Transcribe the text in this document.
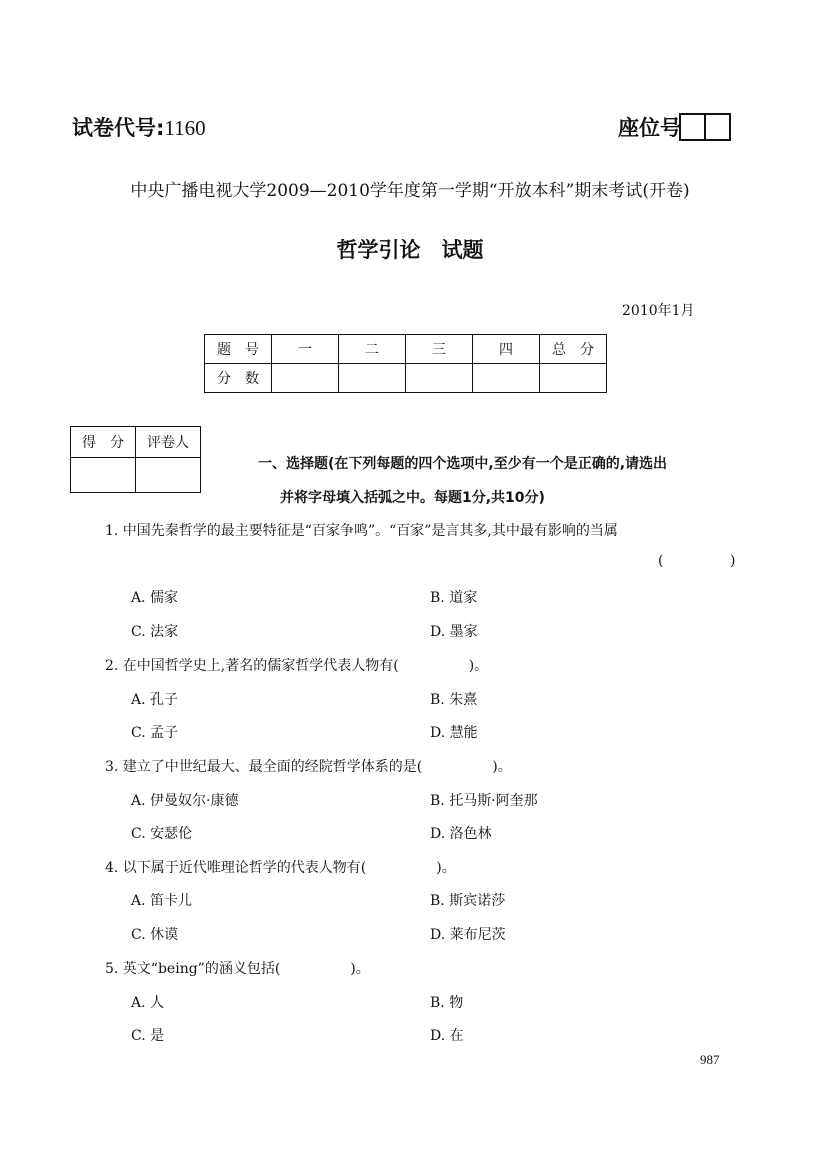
试卷代号:1160	座位号
中央广播电视大学2009—2010学年度第一学期“开放本科”期末考试(开卷)
哲学引论　试题
2010年1月
题　号	一	二	三	四	总　分
分　数					
得　分	评卷人

一、选择题(在下列每题的四个选项中,至少有一个是正确的,请选出
并将字母填入括弧之中。每题1分,共10分)
1. 中国先秦哲学的最主要特征是“百家争鸣”。“百家”是言其多,其中最有影响的当属
(	)
A. 儒家	B. 道家
C. 法家	D. 墨家
2. 在中国哲学史上,著名的儒家哲学代表人物有(　　　　　)。
A. 孔子	B. 朱熹
C. 孟子	D. 慧能
3. 建立了中世纪最大、最全面的经院哲学体系的是(　　　　　)。
A. 伊曼奴尔·康德	B. 托马斯·阿奎那
C. 安瑟伦	D. 洛色林
4. 以下属于近代唯理论哲学的代表人物有(　　　　　)。
A. 笛卡儿	B. 斯宾诺莎
C. 休谟	D. 莱布尼茨
5. 英文“being”的涵义包括(　　　　　)。
A. 人	B. 物
C. 是	D. 在
987
